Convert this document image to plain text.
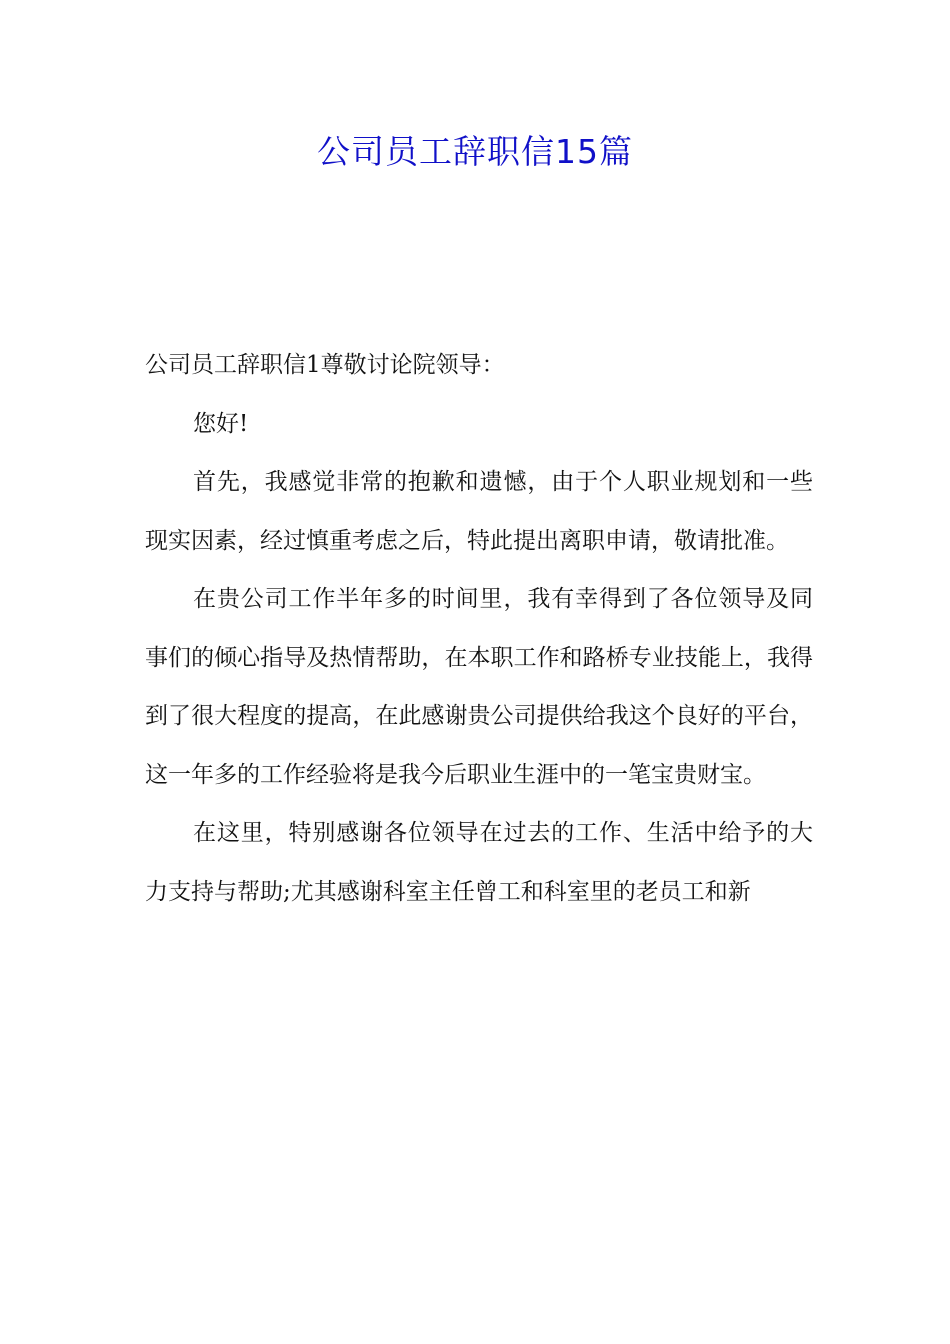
公司员工辞职信15篇

公司员工辞职信1尊敬讨论院领导：

您好!

首先，我感觉非常的抱歉和遗憾，由于个人职业规划和一些现实因素，经过慎重考虑之后，特此提出离职申请，敬请批准。

在贵公司工作半年多的时间里，我有幸得到了各位领导及同事们的倾心指导及热情帮助，在本职工作和路桥专业技能上，我得到了很大程度的提高，在此感谢贵公司提供给我这个良好的平台，这一年多的工作经验将是我今后职业生涯中的一笔宝贵财宝。

在这里，特别感谢各位领导在过去的工作、生活中给予的大力支持与帮助;尤其感谢科室主任曾工和科室里的老员工和新
